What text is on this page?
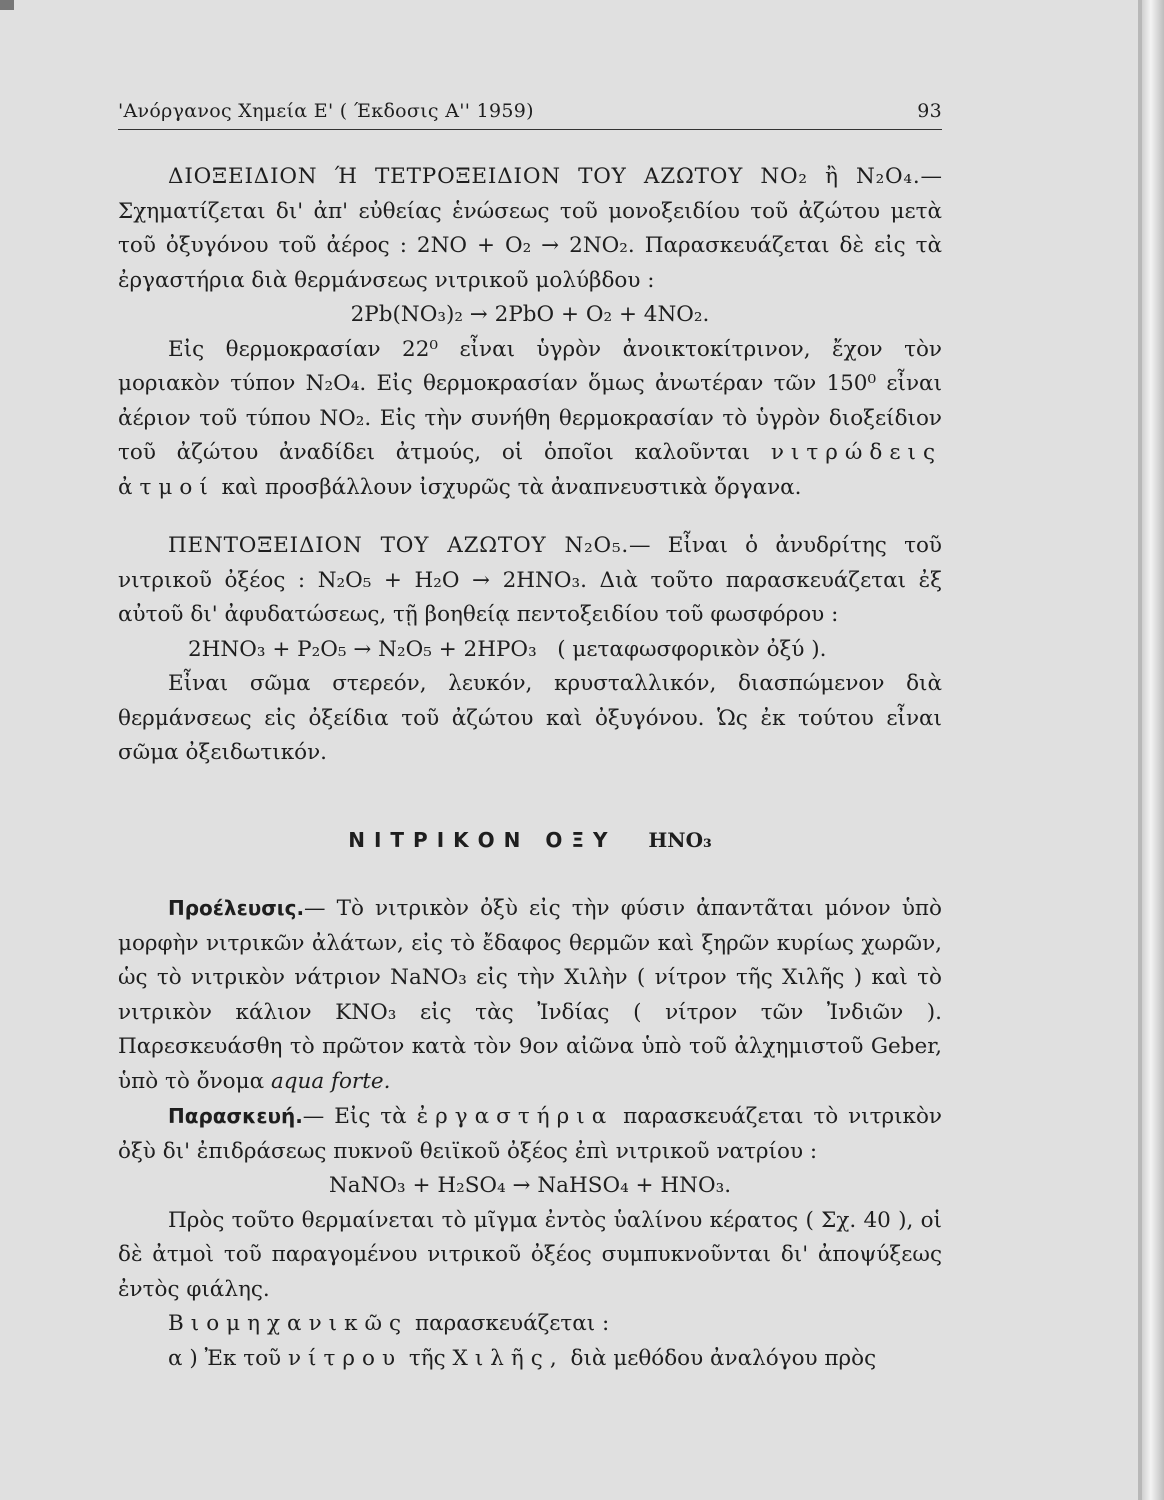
'Ανόργανος Χημεία Ε' ( Έκδοσις Α'' 1959)	93

ΔΙΟΞΕΙΔΙΟΝ Ή ΤΕΤΡΟΞΕΙΔΙΟΝ ΤΟΥ ΑΖΩΤΟΥ NO₂ ἢ N₂O₄.— Σχηματίζεται δι' ἀπ' εὐθείας ἑνώσεως τοῦ μονοξειδίου τοῦ ἀζώτου μετὰ τοῦ ὀξυγόνου τοῦ ἀέρος : 2NO + O₂ → 2NO₂. Παρασκευάζεται δὲ εἰς τὰ ἐργαστήρια διὰ θερμάνσεως νιτρικοῦ μολύβδου :

2Pb(NO₃)₂ → 2PbO + O₂ + 4NO₂.

Εἰς θερμοκρασίαν 22⁰ εἶναι ὑγρὸν ἀνοικτοκίτρινον, ἔχον τὸν μοριακὸν τύπον N₂O₄. Εἰς θερμοκρασίαν ὅμως ἀνωτέραν τῶν 150⁰ εἶναι ἀέριον τοῦ τύπου NO₂. Εἰς τὴν συνήθη θερμοκρασίαν τὸ ὑγρὸν διοξείδιον τοῦ ἀζώτου ἀναδίδει ἀτμούς, οἱ ὁποῖοι καλοῦνται νιτρώδεις ἀτμοί καὶ προσβάλλουν ἰσχυρῶς τὰ ἀναπνευστικὰ ὄργανα.

ΠΕΝΤΟΞΕΙΔΙΟΝ ΤΟΥ ΑΖΩΤΟΥ N₂O₅.— Εἶναι ὁ ἀνυδρίτης τοῦ νιτρικοῦ ὀξέος : N₂O₅ + H₂O → 2HNO₃. Διὰ τοῦτο παρασκευάζεται ἐξ αὐτοῦ δι' ἀφυδατώσεως, τῇ βοηθείᾳ πεντοξειδίου τοῦ φωσφόρου :

2HNO₃ + P₂O₅ → N₂O₅ + 2HPO₃ ( μεταφωσφορικὸν ὀξύ ).

Εἶναι σῶμα στερεόν, λευκόν, κρυσταλλικόν, διασπώμενον διὰ θερμάνσεως εἰς ὀξείδια τοῦ ἀζώτου καὶ ὀξυγόνου. Ὡς ἐκ τούτου εἶναι σῶμα ὀξειδωτικόν.

ΝΙΤΡΙΚΟΝ ΟΞΥ HNO₃

Προέλευσις.— Τὸ νιτρικὸν ὀξὺ εἰς τὴν φύσιν ἀπαντᾶται μόνον ὑπὸ μορφὴν νιτρικῶν ἀλάτων, εἰς τὸ ἔδαφος θερμῶν καὶ ξηρῶν κυρίως χωρῶν, ὡς τὸ νιτρικὸν νάτριον NaNO₃ εἰς τὴν Χιλὴν ( νίτρον τῆς Χιλῆς ) καὶ τὸ νιτρικὸν κάλιον KNO₃ εἰς τὰς Ἰνδίας ( νίτρον τῶν Ἰνδιῶν ). Παρεσκευάσθη τὸ πρῶτον κατὰ τὸν 9ον αἰῶνα ὑπὸ τοῦ ἀλχημιστοῦ Geber, ὑπὸ τὸ ὄνομα aqua forte.

Παρασκευή.— Εἰς τὰ ἐργαστήρια παρασκευάζεται τὸ νιτρικὸν ὀξὺ δι' ἐπιδράσεως πυκνοῦ θειϊκοῦ ὀξέος ἐπὶ νιτρικοῦ νατρίου :

NaNO₃ + H₂SO₄ → NaHSO₄ + HNO₃.

Πρὸς τοῦτο θερμαίνεται τὸ μῖγμα ἐντὸς ὑαλίνου κέρατος ( Σχ. 40 ), οἱ δὲ ἀτμοὶ τοῦ παραγομένου νιτρικοῦ ὀξέος συμπυκνοῦνται δι' ἀποψύξεως ἐντὸς φιάλης.

Βιομηχανικῶς παρασκευάζεται :

α ) Ἐκ τοῦ νίτρου τῆς Χιλῆς, διὰ μεθόδου ἀναλόγου πρὸς
